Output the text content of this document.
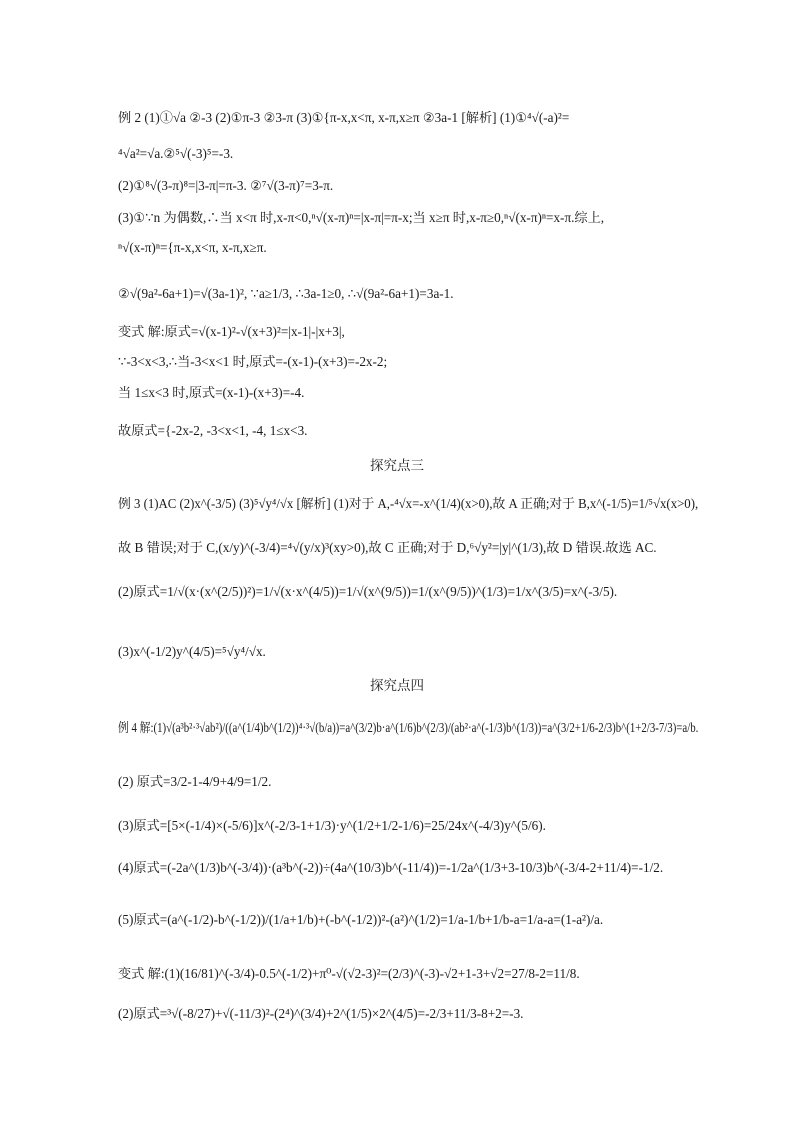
例 2 (1)①√a ②-3 (2)①π-3 ②3-π (3)①{π-x,x<π, x-π,x≥π ②3a-1 [解析] (1)①⁴√(-a)²=
⁴√a²=√a.②⁵√(-3)⁵=-3.
(2)①⁸√(3-π)⁸=|3-π|=π-3. ②⁷√(3-π)⁷=3-π.
(3)①∵n 为偶数,∴当 x<π 时,x-π<0,ⁿ√(x-π)ⁿ=|x-π|=π-x;当 x≥π 时,x-π≥0,ⁿ√(x-π)ⁿ=x-π.综上,
ⁿ√(x-π)ⁿ={π-x,x<π, x-π,x≥π.
②√(9a²-6a+1)=√(3a-1)², ∵a≥1/3, ∴3a-1≥0, ∴√(9a²-6a+1)=3a-1.
变式 解:原式=√(x-1)²-√(x+3)²=|x-1|-|x+3|,
∵-3<x<3,∴当-3<x<1 时,原式=-(x-1)-(x+3)=-2x-2;
当 1≤x<3 时,原式=(x-1)-(x+3)=-4.
故原式={-2x-2, -3<x<1, -4, 1≤x<3.
探究点三
例 3 (1)AC (2)x^(-3/5) (3)⁵√y⁴/√x [解析] (1)对于 A,-⁴√x=-x^(1/4)(x>0),故 A 正确;对于 B,x^(-1/5)=1/⁵√x(x>0),
故 B 错误;对于 C,(x/y)^(-3/4)=⁴√(y/x)³(xy>0),故 C 正确;对于 D,⁶√y²=|y|^(1/3),故 D 错误.故选 AC.
(2)原式=1/√(x·(x^(2/5))²)=1/√(x·x^(4/5))=1/√(x^(9/5))=1/(x^(9/5))^(1/3)=1/x^(3/5)=x^(-3/5).
(3)x^(-1/2)y^(4/5)=⁵√y⁴/√x.
探究点四
例 4 解:(1)√(a³b²·³√ab²)/((a^(1/4)b^(1/2))⁴·³√(b/a))=a^(3/2)b·a^(1/6)b^(2/3)/(ab²·a^(-1/3)b^(1/3))=a^(3/2+1/6-2/3)b^(1+2/3-7/3)=a/b.
(2) 原式=3/2-1-4/9+4/9=1/2.
(3)原式=[5×(-1/4)×(-5/6)]x^(-2/3-1+1/3)·y^(1/2+1/2-1/6)=25/24x^(-4/3)y^(5/6).
(4)原式=(-2a^(1/3)b^(-3/4))·(a³b^(-2))÷(4a^(10/3)b^(-11/4))=-1/2a^(1/3+3-10/3)b^(-3/4-2+11/4)=-1/2.
(5)原式=(a^(-1/2)-b^(-1/2))/(1/a+1/b)+(-b^(-1/2))²-(a²)^(1/2)=1/a-1/b+1/b-a=1/a-a=(1-a²)/a.
变式 解:(1)(16/81)^(-3/4)-0.5^(-1/2)+π⁰-√(√2-3)²=(2/3)^(-3)-√2+1-3+√2=27/8-2=11/8.
(2)原式=³√(-8/27)+√(-11/3)²-(2⁴)^(3/4)+2^(1/5)×2^(4/5)=-2/3+11/3-8+2=-3.
